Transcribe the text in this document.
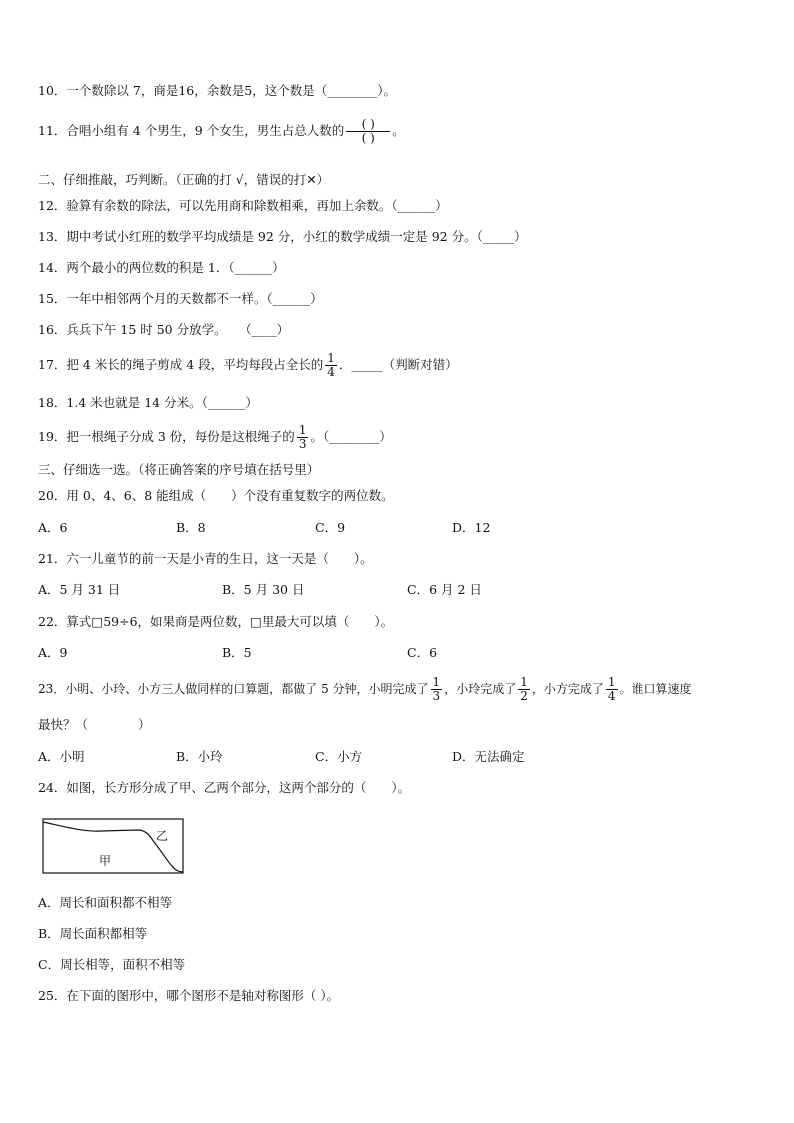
10．一个数除以 7，商是16，余数是5，这个数是（________）。
11．合唱小组有 4 个男生，9 个女生，男生占总人数的 $\frac{( )}{( )}$ 。
二、仔细推敲，巧判断。（正确的打 √，错误的打✕）
12．验算有余数的除法，可以先用商和除数相乘，再加上余数。（______）
13．期中考试小红班的数学平均成绩是 92 分，小红的数学成绩一定是 92 分。（_____）
14．两个最小的两位数的积是 1．（______）
15．一年中相邻两个月的天数都不一样。（______）
16．兵兵下午 15 时 50 分放学。　　（____）
17．把 4 米长的绳子剪成 4 段，平均每段占全长的 $\frac{1}{4}$ ．_____（判断对错）
18．1.4 米也就是 14 分米。（______）
19．把一根绳子分成 3 份，每份是这根绳子的 $\frac{1}{3}$ 。（________）
三、仔细选一选。（将正确答案的序号填在括号里）
20．用 0、4、6、8 能组成（　　）个没有重复数字的两位数。
A．6	B．8	C．9	D．12
21．六一儿童节的前一天是小青的生日，这一天是（　　）。
A．5 月 31 日	B．5 月 30 日	C．6 月 2 日
22．算式□59÷6，如果商是两位数，□里最大可以填（　　）。
A．9	B．5	C．6
23．小明、小玲、小方三人做同样的口算题，都做了 5 分钟，小明完成了 $\frac{1}{3}$ ，小玲完成了 $\frac{1}{2}$ ，小方完成了 $\frac{1}{4}$ 。谁口算速度
最快？（　　　　）
A．小明	B．小玲	C．小方	D．无法确定
24．如图，长方形分成了甲、乙两个部分，这两个部分的（　　）。
甲
乙
A．周长和面积都不相等
B．周长面积都相等
C．周长相等，面积不相等
25．在下面的图形中，哪个图形不是轴对称图形（ ）。
